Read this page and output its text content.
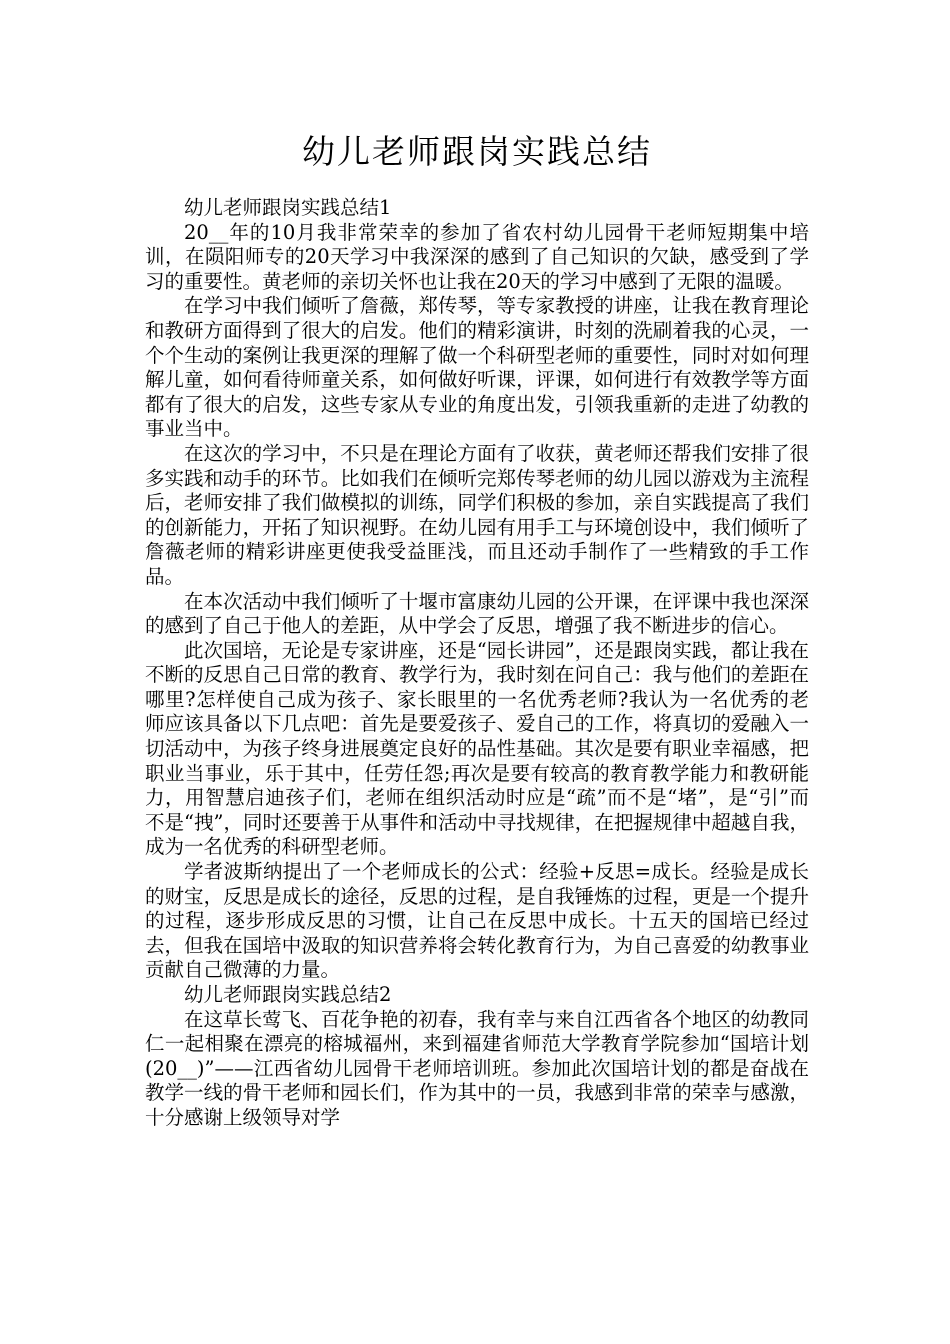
幼儿老师跟岗实践总结

幼儿老师跟岗实践总结1

20__年的10月我非常荣幸的参加了省农村幼儿园骨干老师短期集中培训，在陨阳师专的20天学习中我深深的感到了自己知识的欠缺，感受到了学习的重要性。黄老师的亲切关怀也让我在20天的学习中感到了无限的温暖。

在学习中我们倾听了詹薇，郑传琴，等专家教授的讲座，让我在教育理论和教研方面得到了很大的启发。他们的精彩演讲，时刻的洗刷着我的心灵，一个个生动的案例让我更深的理解了做一个科研型老师的重要性，同时对如何理解儿童，如何看待师童关系，如何做好听课，评课，如何进行有效教学等方面都有了很大的启发，这些专家从专业的角度出发，引领我重新的走进了幼教的事业当中。

在这次的学习中，不只是在理论方面有了收获，黄老师还帮我们安排了很多实践和动手的环节。比如我们在倾听完郑传琴老师的幼儿园以游戏为主流程后，老师安排了我们做模拟的训练，同学们积极的参加，亲自实践提高了我们的创新能力，开拓了知识视野。在幼儿园有用手工与环境创设中，我们倾听了詹薇老师的精彩讲座更使我受益匪浅，而且还动手制作了一些精致的手工作品。

在本次活动中我们倾听了十堰市富康幼儿园的公开课，在评课中我也深深的感到了自己于他人的差距，从中学会了反思，增强了我不断进步的信心。

此次国培，无论是专家讲座，还是“园长讲园”，还是跟岗实践，都让我在不断的反思自己日常的教育、教学行为，我时刻在问自己：我与他们的差距在哪里?怎样使自己成为孩子、家长眼里的一名优秀老师?我认为一名优秀的老师应该具备以下几点吧：首先是要爱孩子、爱自己的工作，将真切的爱融入一切活动中，为孩子终身进展奠定良好的品性基础。其次是要有职业幸福感，把职业当事业，乐于其中，任劳任怨;再次是要有较高的教育教学能力和教研能力，用智慧启迪孩子们，老师在组织活动时应是“疏”而不是“堵”，是“引”而不是“拽”，同时还要善于从事件和活动中寻找规律，在把握规律中超越自我，成为一名优秀的科研型老师。

学者波斯纳提出了一个老师成长的公式：经验+反思=成长。经验是成长的财宝，反思是成长的途径，反思的过程，是自我锤炼的过程，更是一个提升的过程，逐步形成反思的习惯，让自己在反思中成长。十五天的国培已经过去，但我在国培中汲取的知识营养将会转化教育行为，为自己喜爱的幼教事业贡献自己微薄的力量。

幼儿老师跟岗实践总结2

在这草长莺飞、百花争艳的初春，我有幸与来自江西省各个地区的幼教同仁一起相聚在漂亮的榕城福州，来到福建省师范大学教育学院参加“国培计划(20__)”——江西省幼儿园骨干老师培训班。参加此次国培计划的都是奋战在教学一线的骨干老师和园长们，作为其中的一员，我感到非常的荣幸与感激，十分感谢上级领导对学
